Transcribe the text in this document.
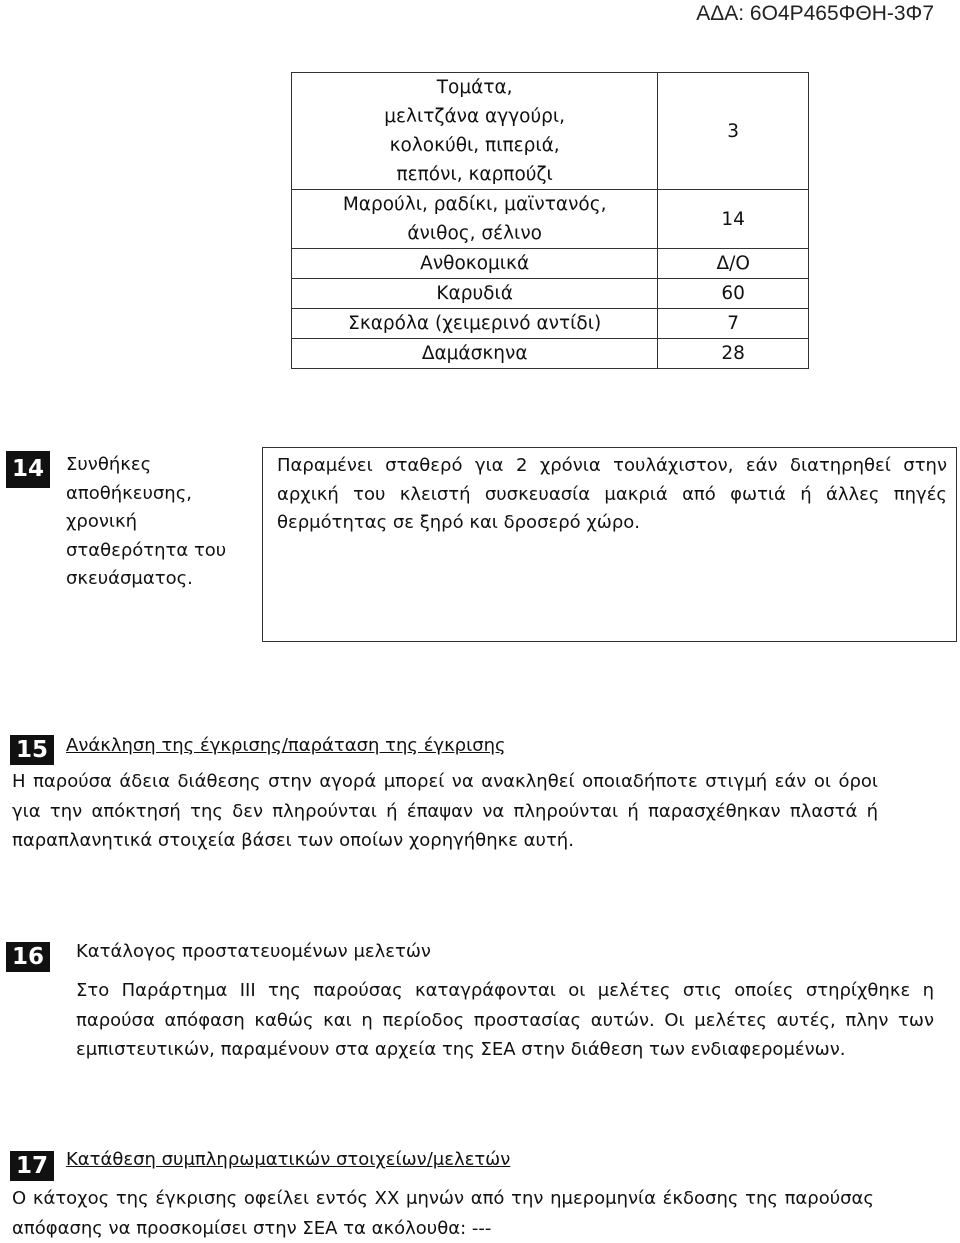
ΑΔΑ: 6Ο4Ρ465ΦΘΗ-3Φ7
Τομάτα,
μελιτζάνα αγγούρι,
κολοκύθι, πιπεριά,
πεπόνι, καρπούζι	3

Μαρούλι, ραδίκι, μαϊντανός,
άνιθος, σέλινο	14

Ανθοκομικά	Δ/Ο
Καρυδιά	60
Σκαρόλα (χειμερινό αντίδι)	7
Δαμάσκηνα	28
14	Συνθήκες
αποθήκευσης,
χρονική
σταθερότητα του
σκευάσματος.
Παραμένει σταθερό για 2 χρόνια τουλάχιστον, εάν διατηρηθεί στην αρχική του κλειστή συσκευασία μακριά από φωτιά ή άλλες πηγές θερμότητας σε ξηρό και δροσερό χώρο.
15	Ανάκληση της έγκρισης/παράταση της έγκρισης
Η παρούσα άδεια διάθεσης στην αγορά μπορεί να ανακληθεί οποιαδήποτε στιγμή εάν οι όροι για την απόκτησή της δεν πληρούνται ή έπαψαν να πληρούνται ή παρασχέθηκαν πλαστά ή παραπλανητικά στοιχεία βάσει των οποίων χορηγήθηκε αυτή.
16	Κατάλογος προστατευομένων μελετών
Στο Παράρτημα ΙΙΙ της παρούσας καταγράφονται οι μελέτες στις οποίες στηρίχθηκε η παρούσα απόφαση καθώς και η περίοδος προστασίας αυτών. Οι μελέτες αυτές, πλην των εμπιστευτικών, παραμένουν στα αρχεία της ΣΕΑ στην διάθεση των ενδιαφερομένων.
17	Κατάθεση συμπληρωματικών στοιχείων/μελετών
Ο κάτοχος της έγκρισης οφείλει εντός ΧΧ μηνών από την ημερομηνία έκδοσης της παρούσας απόφασης να προσκομίσει στην ΣΕΑ τα ακόλουθα: ---
